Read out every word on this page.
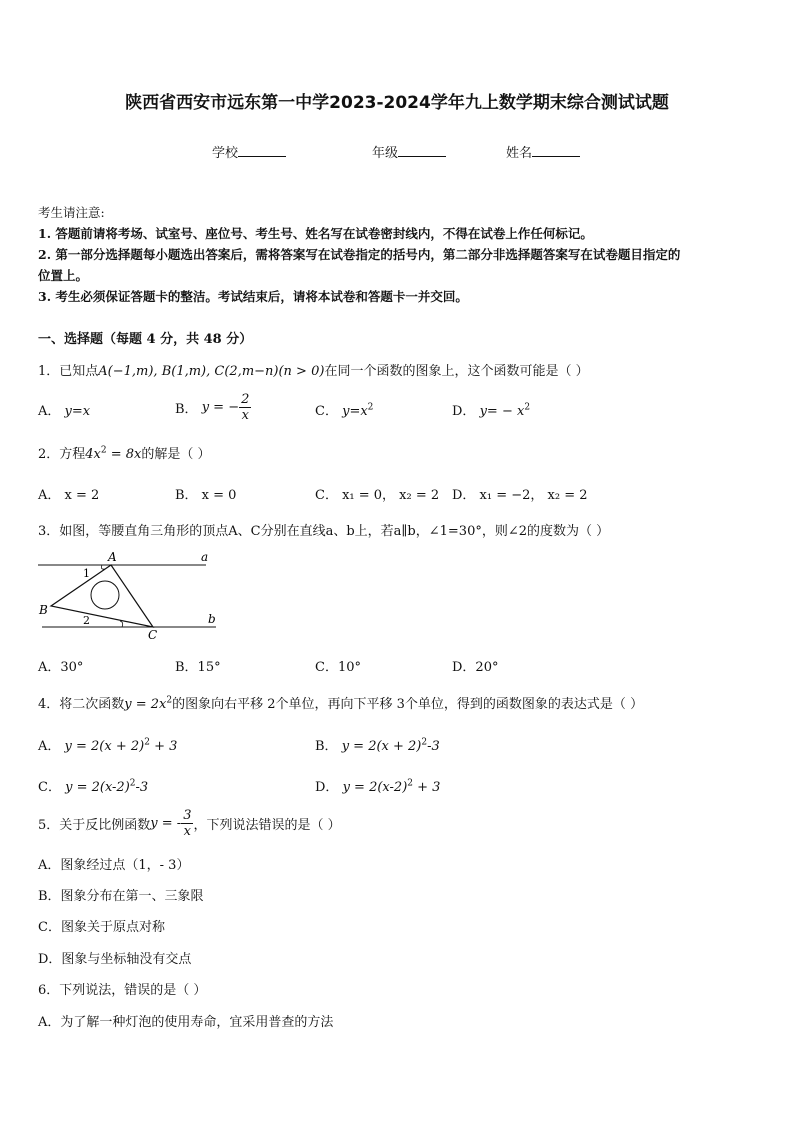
陕西省西安市远东第一中学2023-2024学年九上数学期末综合测试试题
学校	年级	姓名
考生请注意:
1. 答题前请将考场、试室号、座位号、考生号、姓名写在试卷密封线内，不得在试卷上作任何标记。
2. 第一部分选择题每小题选出答案后，需将答案写在试卷指定的括号内，第二部分非选择题答案写在试卷题目指定的
位置上。
3. 考生必须保证答题卡的整洁。考试结束后，请将本试卷和答题卡一并交回。
一、选择题（每题 4 分，共 48 分）
1．已知点A(−1,m), B(1,m), C(2,m−n)(n > 0)在同一个函数的图象上，这个函数可能是（ ）
A． y=x	B． y = − $\frac{2}{x}$	C． $y=x^2$	D． $y= - x^2$
2．方程$4x^2 = 8x$的解是（ ）
A． x = 2	B． x = 0	C． x₁ = 0， x₂ = 2 D． x₁ = −2， x₂ = 2
3．如图，等腰直角三角形的顶点A、C分别在直线a、b上，若a∥b，∠1=30°，则∠2的度数为（ ）
A	a
B
b
C
1
2
A．30°	B．15°	C．10°	D．20°
4．将二次函数$y = 2x^2$的图象向右平移 2个单位，再向下平移 3个单位，得到的函数图象的表达式是（ ）
A． $y = 2(x + 2)^2 + 3$	B． $y = 2(x + 2)^2-3$
C． $y = 2(x-2)^2-3$	D． $y = 2(x-2)^2 + 3$
5．关于反比例函数y = - $\frac{3}{x}$ ，下列说法错误的是（ ）
A．图象经过点（1，- 3）
B．图象分布在第一、三象限
C．图象关于原点对称
D．图象与坐标轴没有交点
6．下列说法，错误的是（ ）
A．为了解一种灯泡的使用寿命，宜采用普查的方法
